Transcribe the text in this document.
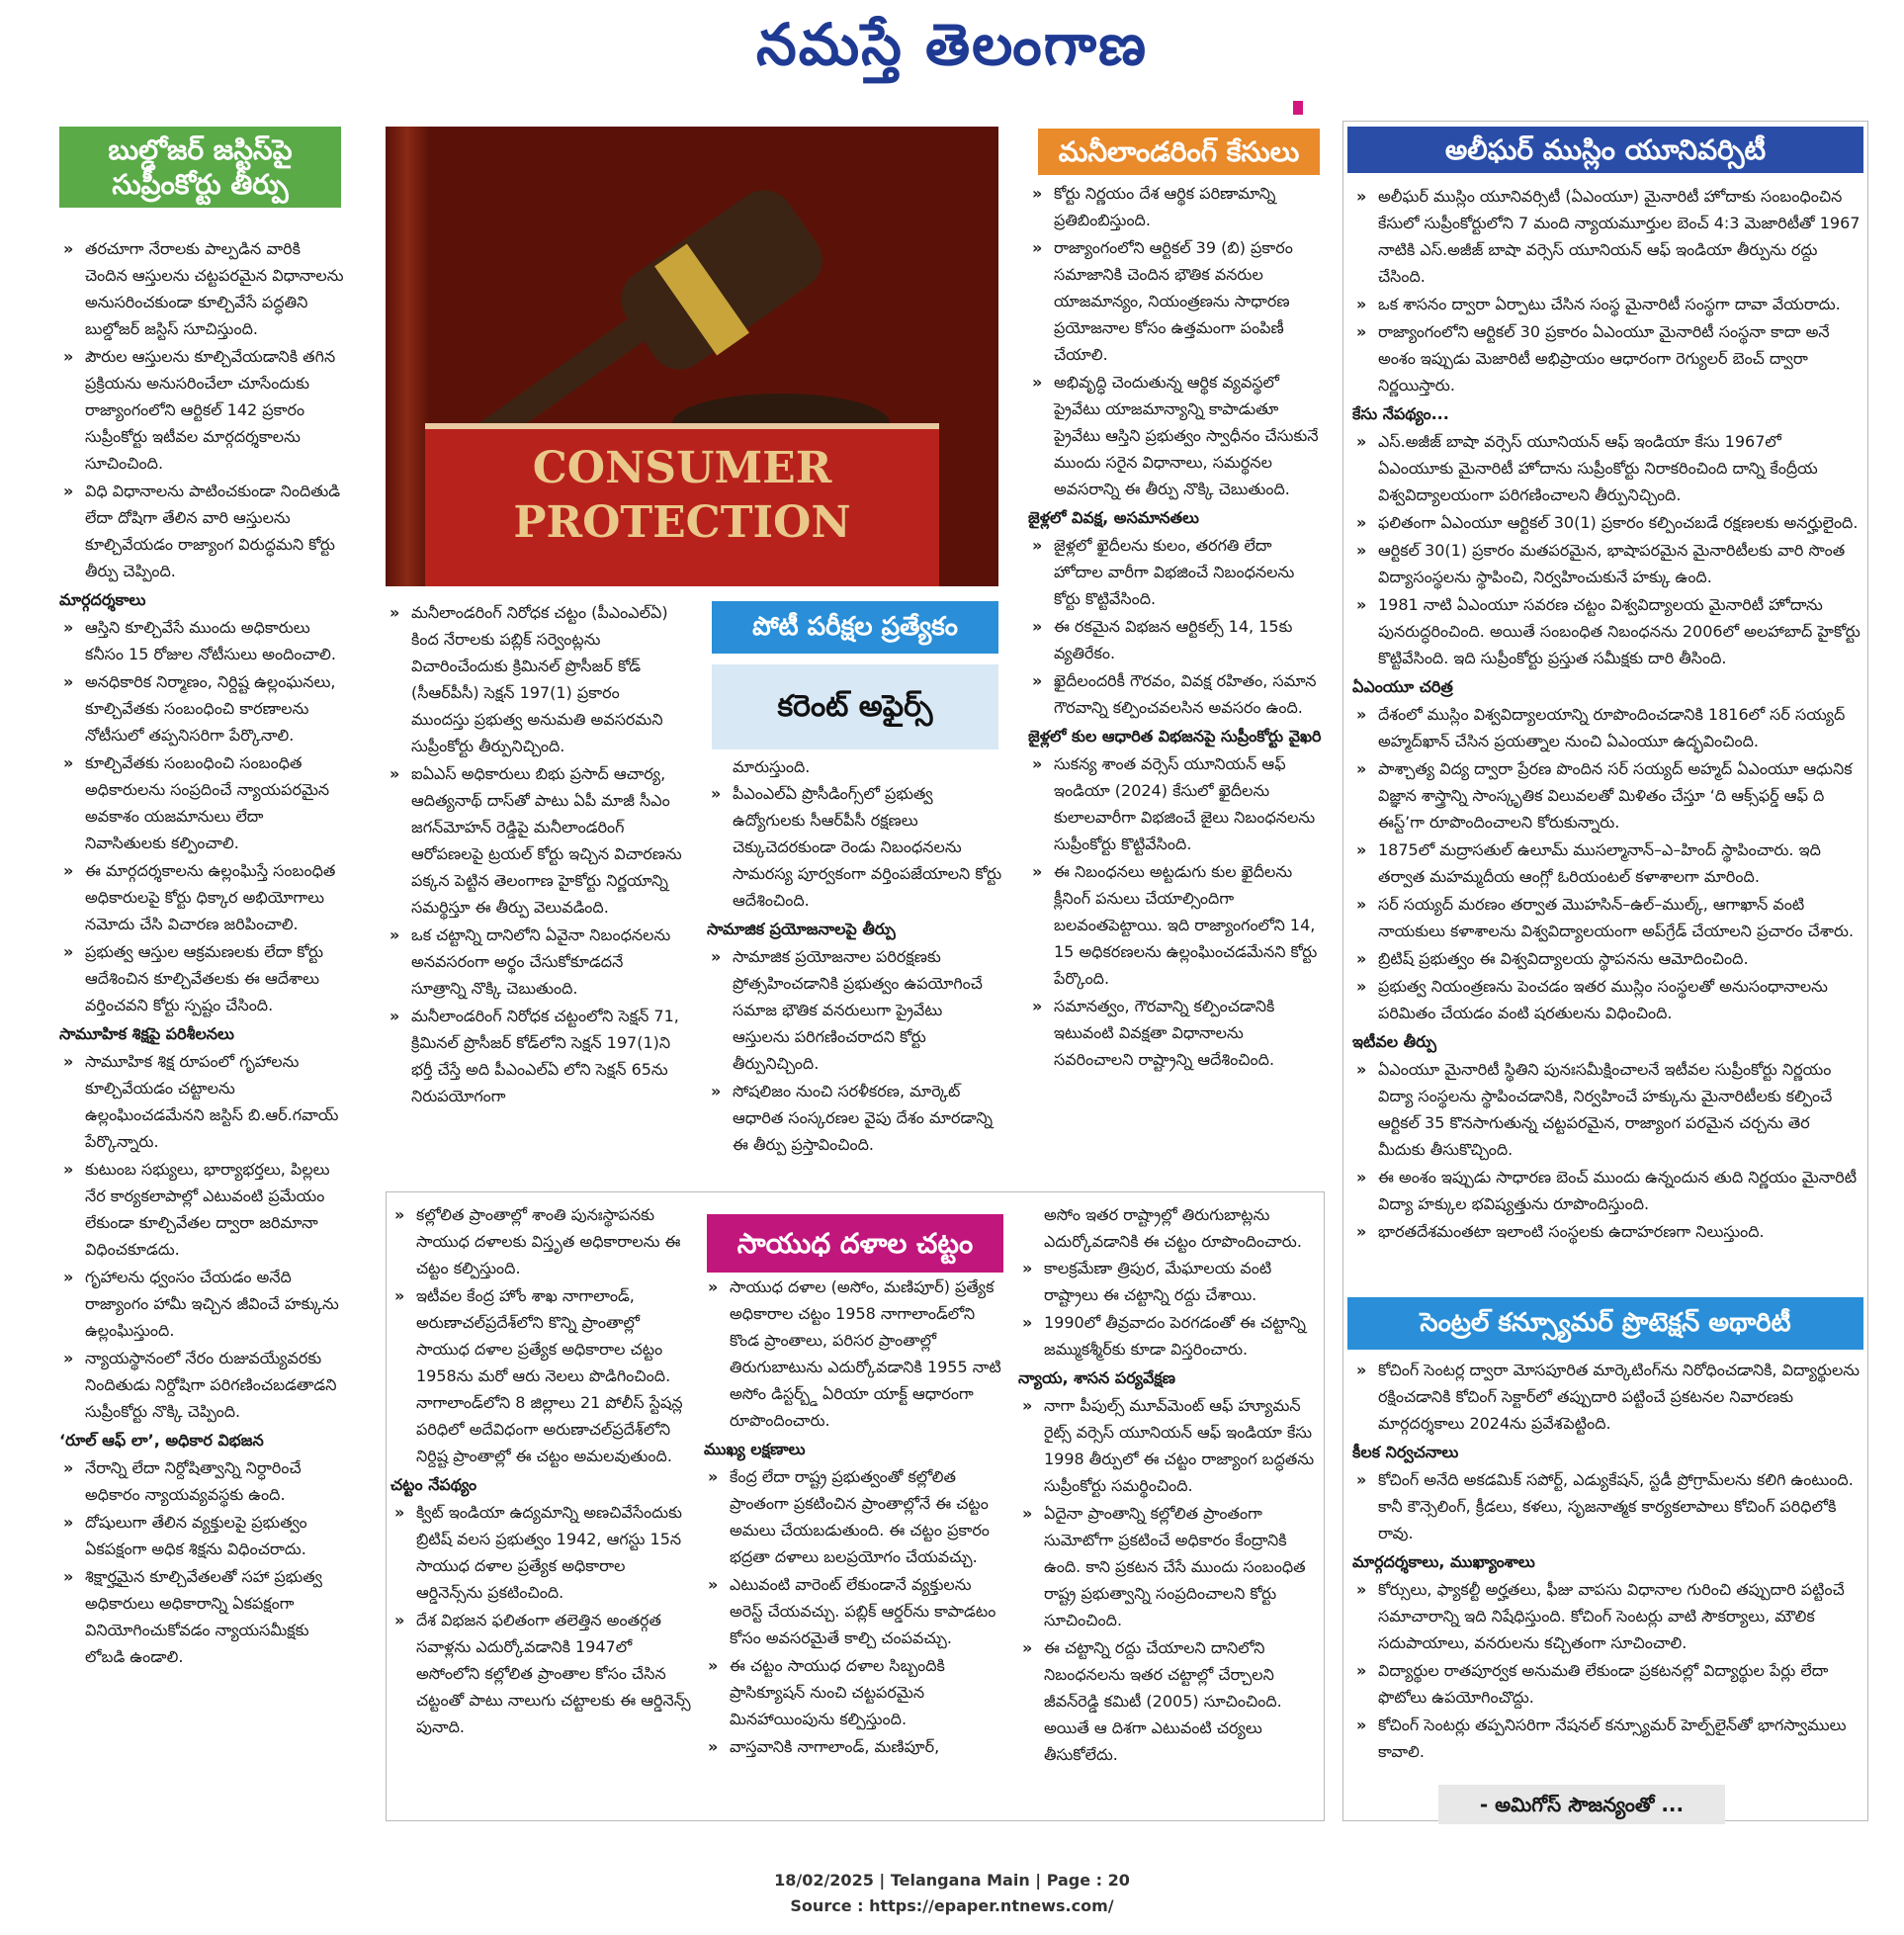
నమస్తే తెలంగాణ
బుల్డోజర్ జస్టిస్‌పై సుప్రీంకోర్టు తీర్పు
» తరచూగా నేరాలకు పాల్పడిన వారికి చెందిన ఆస్తులను చట్టపరమైన విధానాలను అనుసరించకుండా కూల్చివేసే పద్ధతిని బుల్డోజర్ జస్టిస్ సూచిస్తుంది.
» పౌరుల ఆస్తులను కూల్చివేయడానికి తగిన ప్రక్రియను అనుసరించేలా చూసేందుకు రాజ్యాంగంలోని ఆర్టికల్ 142 ప్రకారం సుప్రీంకోర్టు ఇటీవల మార్గదర్శకాలను సూచించింది.
» విధి విధానాలను పాటించకుండా నిందితుడి లేదా దోషిగా తేలిన వారి ఆస్తులను కూల్చివేయడం రాజ్యాంగ విరుద్ధమని కోర్టు తీర్పు చెప్పింది.
మార్గదర్శకాలు
» ఆస్తిని కూల్చివేసే ముందు అధికారులు కనీసం 15 రోజుల నోటీసులు అందించాలి.
» అనధికారిక నిర్మాణం, నిర్దిష్ట ఉల్లంఘనలు, కూల్చివేతకు సంబంధించి కారణాలను నోటీసులో తప్పనిసరిగా పేర్కొనాలి.
» కూల్చివేతకు సంబంధించి సంబంధిత అధికారులను సంప్రదించే న్యాయపరమైన అవకాశం యజమానులు లేదా నివాసితులకు కల్పించాలి.
» ఈ మార్గదర్శకాలను ఉల్లంఘిస్తే సంబంధిత అధికారులపై కోర్టు ధిక్కార అభియోగాలు నమోదు చేసి విచారణ జరిపించాలి.
» ప్రభుత్వ ఆస్తుల ఆక్రమణలకు లేదా కోర్టు ఆదేశించిన కూల్చివేతలకు ఈ ఆదేశాలు వర్తించవని కోర్టు స్పష్టం చేసింది.
సామూహిక శిక్షపై పరిశీలనలు
» సామూహిక శిక్ష రూపంలో గృహాలను కూల్చివేయడం చట్టాలను ఉల్లంఘించడమేనని జస్టిస్ బి.ఆర్.గవాయ్ పేర్కొన్నారు.
» కుటుంబ సభ్యులు, భార్యాభర్తలు, పిల్లలు నేర కార్యకలాపాల్లో ఎటువంటి ప్రమేయం లేకుండా కూల్చివేతల ద్వారా జరిమానా విధించకూడదు.
» గృహాలను ధ్వంసం చేయడం అనేది రాజ్యాంగం హామీ ఇచ్చిన జీవించే హక్కును ఉల్లంఘిస్తుంది.
» న్యాయస్థానంలో నేరం రుజువయ్యేవరకు నిందితుడు నిర్దోషిగా పరిగణించబడతాడని సుప్రీంకోర్టు నొక్కి చెప్పింది.
‘రూల్ ఆఫ్ లా’, అధికార విభజన
» నేరాన్ని లేదా నిర్దోషిత్వాన్ని నిర్ధారించే అధికారం న్యాయవ్యవస్థకు ఉంది.
» దోషులుగా తేలిన వ్యక్తులపై ప్రభుత్వం ఏకపక్షంగా అధిక శిక్షను విధించరాదు.
» శిక్షార్హమైన కూల్చివేతలతో సహా ప్రభుత్వ అధికారులు అధికారాన్ని ఏకపక్షంగా వినియోగించుకోవడం న్యాయసమీక్షకు లోబడి ఉండాలి.
CONSUMER
PROTECTION
» మనీలాండరింగ్ నిరోధక చట్టం (పీఎంఎల్‌ఏ) కింద నేరాలకు పబ్లిక్ సర్వెంట్లను విచారించేందుకు క్రిమినల్ ప్రొసీజర్ కోడ్ (సీఆర్‌పీసీ) సెక్షన్ 197(1) ప్రకారం ముందస్తు ప్రభుత్వ అనుమతి అవసరమని సుప్రీంకోర్టు తీర్పునిచ్చింది.
» ఐఏఎస్ అధికారులు బిభు ప్రసాద్ ఆచార్య, ఆదిత్యనాథ్ దాస్‌తో పాటు ఏపీ మాజీ సీఎం జగన్‌మోహన్ రెడ్డిపై మనీలాండరింగ్ ఆరోపణలపై ట్రయల్ కోర్టు ఇచ్చిన విచారణను పక్కన పెట్టిన తెలంగాణ హైకోర్టు నిర్ణయాన్ని సమర్థిస్తూ ఈ తీర్పు వెలువడింది.
» ఒక చట్టాన్ని దానిలోని ఏవైనా నిబంధనలను అనవసరంగా అర్థం చేసుకోకూడదనే సూత్రాన్ని నొక్కి చెబుతుంది.
» మనీలాండరింగ్ నిరోధక చట్టంలోని సెక్షన్ 71, క్రిమినల్ ప్రొసీజర్ కోడ్‌లోని సెక్షన్ 197(1)ని భర్తీ చేస్తే అది పీఎంఎల్‌ఏ లోని సెక్షన్ 65ను నిరుపయోగంగా
పోటీ పరీక్షల ప్రత్యేకం
కరెంట్ అఫైర్స్
మారుస్తుంది.
» పీఎంఎల్‌ఏ ప్రొసీడింగ్స్‌లో ప్రభుత్వ ఉద్యోగులకు సీఆర్‌పీసీ రక్షణలు చెక్కుచెదరకుండా రెండు నిబంధనలను సామరస్య పూర్వకంగా వర్తింపజేయాలని కోర్టు ఆదేశించింది.
సామాజిక ప్రయోజనాలపై తీర్పు
» సామాజిక ప్రయోజనాల పరిరక్షణకు ప్రోత్సహించడానికి ప్రభుత్వం ఉపయోగించే సమాజ భౌతిక వనరులుగా ప్రైవేటు ఆస్తులను పరిగణించరాదని కోర్టు తీర్పునిచ్చింది.
» సోషలిజం నుంచి సరళీకరణ, మార్కెట్ ఆధారిత సంస్కరణల వైపు దేశం మారడాన్ని ఈ తీర్పు ప్రస్తావించింది.
మనీలాండరింగ్ కేసులు
» కోర్టు నిర్ణయం దేశ ఆర్థిక పరిణామాన్ని ప్రతిబింబిస్తుంది.
» రాజ్యాంగంలోని ఆర్టికల్ 39 (బి) ప్రకారం సమాజానికి చెందిన భౌతిక వనరుల యాజమాన్యం, నియంత్రణను సాధారణ ప్రయోజనాల కోసం ఉత్తమంగా పంపిణీ చేయాలి.
» అభివృద్ధి చెందుతున్న ఆర్థిక వ్యవస్థలో ప్రైవేటు యాజమాన్యాన్ని కాపాడుతూ ప్రైవేటు ఆస్తిని ప్రభుత్వం స్వాధీనం చేసుకునే ముందు సరైన విధానాలు, సమర్థనల అవసరాన్ని ఈ తీర్పు నొక్కి చెబుతుంది.
జైళ్లలో వివక్ష, అసమానతలు
» జైళ్లలో ఖైదీలను కులం, తరగతి లేదా హోదాల వారీగా విభజించే నిబంధనలను కోర్టు కొట్టివేసింది.
» ఈ రకమైన విభజన ఆర్టికల్స్ 14, 15కు వ్యతిరేకం.
» ఖైదీలందరికీ గౌరవం, వివక్ష రహితం, సమాన గౌరవాన్ని కల్పించవలసిన అవసరం ఉంది.
జైళ్లలో కుల ఆధారిత విభజనపై సుప్రీంకోర్టు వైఖరి
» సుకన్య శాంత వర్సెస్ యూనియన్ ఆఫ్ ఇండియా (2024) కేసులో ఖైదీలను కులాలవారీగా విభజించే జైలు నిబంధనలను సుప్రీంకోర్టు కొట్టివేసింది.
» ఈ నిబంధనలు అట్టడుగు కుల ఖైదీలను క్లీనింగ్ పనులు చేయాల్సిందిగా బలవంతపెట్టాయి. ఇది రాజ్యాంగంలోని 14, 15 అధికరణలను ఉల్లంఘించడమేనని కోర్టు పేర్కొంది.
» సమానత్వం, గౌరవాన్ని కల్పించడానికి ఇటువంటి వివక్షతా విధానాలను సవరించాలని రాష్ట్రాన్ని ఆదేశించింది.
అలీఘర్ ముస్లిం యూనివర్సిటీ
» అలీఘర్ ముస్లిం యూనివర్సిటీ (ఏఎంయూ) మైనారిటీ హోదాకు సంబంధించిన కేసులో సుప్రీంకోర్టులోని 7 మంది న్యాయమూర్తుల బెంచ్ 4:3 మెజారిటీతో 1967 నాటికి ఎస్.అజీజ్ బాషా వర్సెస్ యూనియన్ ఆఫ్ ఇండియా తీర్పును రద్దు చేసింది.
» ఒక శాసనం ద్వారా ఏర్పాటు చేసిన సంస్థ మైనారిటీ సంస్థగా దావా వేయరాదు.
» రాజ్యాంగంలోని ఆర్టికల్ 30 ప్రకారం ఏఎంయూ మైనారిటీ సంస్థనా కాదా అనే అంశం ఇప్పుడు మెజారిటీ అభిప్రాయం ఆధారంగా రెగ్యులర్ బెంచ్ ద్వారా నిర్ణయిస్తారు.
కేసు నేపథ్యం...
» ఎస్.అజీజ్ బాషా వర్సెస్ యూనియన్ ఆఫ్ ఇండియా కేసు 1967లో ఏఎంయూకు మైనారిటీ హోదాను సుప్రీంకోర్టు నిరాకరించింది దాన్ని కేంద్రీయ విశ్వవిద్యాలయంగా పరిగణించాలని తీర్పునిచ్చింది.
» ఫలితంగా ఏఎంయూ ఆర్టికల్ 30(1) ప్రకారం కల్పించబడే రక్షణలకు అనర్హులైంది.
» ఆర్టికల్ 30(1) ప్రకారం మతపరమైన, భాషాపరమైన మైనారిటీలకు వారి సొంత విద్యాసంస్థలను స్థాపించి, నిర్వహించుకునే హక్కు ఉంది.
» 1981 నాటి ఏఎంయూ సవరణ చట్టం విశ్వవిద్యాలయ మైనారిటీ హోదాను పునరుద్ధరించింది. అయితే సంబంధిత నిబంధనను 2006లో అలహాబాద్ హైకోర్టు కొట్టివేసింది. ఇది సుప్రీంకోర్టు ప్రస్తుత సమీక్షకు దారి తీసింది.
ఏఎంయూ చరిత్ర
» దేశంలో ముస్లిం విశ్వవిద్యాలయాన్ని రూపొందించడానికి 1816లో సర్ సయ్యద్ అహ్మద్‌ఖాన్ చేసిన ప్రయత్నాల నుంచి ఏఎంయూ ఉద్భవించింది.
» పాశ్చాత్య విద్య ద్వారా ప్రేరణ పొందిన సర్ సయ్యద్ అహ్మద్ ఏఎంయూ ఆధునిక విజ్ఞాన శాస్త్రాన్ని సాంస్కృతిక విలువలతో మిళితం చేస్తూ ‘ది ఆక్స్‌ఫర్డ్ ఆఫ్ ది ఈస్ట్’గా రూపొందించాలని కోరుకున్నారు.
» 1875లో మద్రాసతుల్ ఉలూమ్ ముసల్మానాన్–ఎ–హింద్ స్థాపించారు. ఇది తర్వాత మహమ్మదీయ ఆంగ్లో ఓరియంటల్ కళాశాలగా మారింది.
» సర్ సయ్యద్ మరణం తర్వాత మొహసిన్–ఉల్–ముల్క్, ఆగాఖాన్ వంటి నాయకులు కళాశాలను విశ్వవిద్యాలయంగా అప్‌గ్రేడ్ చేయాలని ప్రచారం చేశారు.
» బ్రిటిష్ ప్రభుత్వం ఈ విశ్వవిద్యాలయ స్థాపనను ఆమోదించింది.
» ప్రభుత్వ నియంత్రణను పెంచడం ఇతర ముస్లిం సంస్థలతో అనుసంధానాలను పరిమితం చేయడం వంటి షరతులను విధించింది.
ఇటీవల తీర్పు
» ఏఎంయూ మైనారిటీ స్థితిని పునఃసమీక్షించాలనే ఇటీవల సుప్రీంకోర్టు నిర్ణయం విద్యా సంస్థలను స్థాపించడానికి, నిర్వహించే హక్కును మైనారిటీలకు కల్పించే ఆర్టికల్ 35 కొనసాగుతున్న చట్టపరమైన, రాజ్యాంగ పరమైన చర్చను తెర మీదుకు తీసుకొచ్చింది.
» ఈ అంశం ఇప్పుడు సాధారణ బెంచ్ ముందు ఉన్నందున తుది నిర్ణయం మైనారిటీ విద్యా హక్కుల భవిష్యత్తును రూపొందిస్తుంది.
» భారతదేశమంతటా ఇలాంటి సంస్థలకు ఉదాహరణగా నిలుస్తుంది.
సెంట్రల్ కన్స్యూమర్ ప్రొటెక్షన్ అథారిటీ
» కోచింగ్ సెంటర్ల ద్వారా మోసపూరిత మార్కెటింగ్‌ను నిరోధించడానికి, విద్యార్థులను రక్షించడానికి కోచింగ్ సెక్టార్‌లో తప్పుదారి పట్టించే ప్రకటనల నివారణకు మార్గదర్శకాలు 2024ను ప్రవేశపెట్టింది.
కీలక నిర్వచనాలు
» కోచింగ్ అనేది అకడమిక్ సపోర్ట్, ఎడ్యుకేషన్, స్టడీ ప్రోగ్రామ్‌లను కలిగి ఉంటుంది. కానీ కౌన్సెలింగ్, క్రీడలు, కళలు, సృజనాత్మక కార్యకలాపాలు కోచింగ్ పరిధిలోకి రావు.
మార్గదర్శకాలు, ముఖ్యాంశాలు
» కోర్సులు, ఫ్యాకల్టీ అర్హతలు, ఫీజు వాపసు విధానాల గురించి తప్పుదారి పట్టించే సమాచారాన్ని ఇది నిషేధిస్తుంది. కోచింగ్ సెంటర్లు వాటి సౌకర్యాలు, మౌలిక సదుపాయాలు, వనరులను కచ్చితంగా సూచించాలి.
» విద్యార్థుల రాతపూర్వక అనుమతి లేకుండా ప్రకటనల్లో విద్యార్థుల పేర్లు లేదా ఫొటోలు ఉపయోగించొద్దు.
» కోచింగ్ సెంటర్లు తప్పనిసరిగా నేషనల్ కన్స్యూమర్ హెల్ప్‌లైన్‌తో భాగస్వాములు కావాలి.
- అమిగోస్ సౌజన్యంతో ...
సాయుధ దళాల చట్టం
» కల్లోలిత ప్రాంతాల్లో శాంతి పునఃస్థాపనకు సాయుధ దళాలకు విస్తృత అధికారాలను ఈ చట్టం కల్పిస్తుంది.
» ఇటీవల కేంద్ర హోం శాఖ నాగాలాండ్, అరుణాచల్‌ప్రదేశ్‌లోని కొన్ని ప్రాంతాల్లో సాయుధ దళాల ప్రత్యేక అధికారాల చట్టం 1958ను మరో ఆరు నెలలు పొడిగించింది. నాగాలాండ్‌లోని 8 జిల్లాలు 21 పోలీస్ స్టేషన్ల పరిధిలో అదేవిధంగా అరుణాచల్‌ప్రదేశ్‌లోని నిర్దిష్ట ప్రాంతాల్లో ఈ చట్టం అమలవుతుంది.
చట్టం నేపథ్యం
» క్విట్ ఇండియా ఉద్యమాన్ని అణచివేసేందుకు బ్రిటిష్ వలస ప్రభుత్వం 1942, ఆగస్టు 15న సాయుధ దళాల ప్రత్యేక అధికారాల ఆర్డినెన్స్‌ను ప్రకటించింది.
» దేశ విభజన ఫలితంగా తలెత్తిన అంతర్గత సవాళ్లను ఎదుర్కోవడానికి 1947లో అసోంలోని కల్లోలిత ప్రాంతాల కోసం చేసిన చట్టంతో పాటు నాలుగు చట్టాలకు ఈ ఆర్డినెన్స్ పునాది.
» సాయుధ దళాల (అసోం, మణిపూర్) ప్రత్యేక అధికారాల చట్టం 1958 నాగాలాండ్‌లోని కొండ ప్రాంతాలు, పరిసర ప్రాంతాల్లో తిరుగుబాటును ఎదుర్కోవడానికి 1955 నాటి అసోం డిస్టర్బ్డ్ ఏరియా యాక్ట్ ఆధారంగా రూపొందించారు.
ముఖ్య లక్షణాలు
» కేంద్ర లేదా రాష్ట్ర ప్రభుత్వంతో కల్లోలిత ప్రాంతంగా ప్రకటించిన ప్రాంతాల్లోనే ఈ చట్టం అమలు చేయబడుతుంది. ఈ చట్టం ప్రకారం భద్రతా దళాలు బలప్రయోగం చేయవచ్చు.
» ఎటువంటి వారెంట్ లేకుండానే వ్యక్తులను అరెస్ట్ చేయవచ్చు. పబ్లిక్ ఆర్డర్‌ను కాపాడటం కోసం అవసరమైతే కాల్చి చంపవచ్చు.
» ఈ చట్టం సాయుధ దళాల సిబ్బందికి ప్రాసిక్యూషన్ నుంచి చట్టపరమైన మినహాయింపును కల్పిస్తుంది.
» వాస్తవానికి నాగాలాండ్, మణిపూర్,
అసోం ఇతర రాష్ట్రాల్లో తిరుగుబాట్లను ఎదుర్కోవడానికి ఈ చట్టం రూపొందించారు.
» కాలక్రమేణా త్రిపుర, మేఘాలయ వంటి రాష్ట్రాలు ఈ చట్టాన్ని రద్దు చేశాయి.
» 1990లో తీవ్రవాదం పెరగడంతో ఈ చట్టాన్ని జమ్ముకశ్మీర్‌కు కూడా విస్తరించారు.
న్యాయ, శాసన పర్యవేక్షణ
» నాగా పీపుల్స్ మూవ్‌మెంట్ ఆఫ్ హ్యూమన్ రైట్స్ వర్సెస్ యూనియన్ ఆఫ్ ఇండియా కేసు 1998 తీర్పులో ఈ చట్టం రాజ్యాంగ బద్ధతను సుప్రీంకోర్టు సమర్థించింది.
» ఏదైనా ప్రాంతాన్ని కల్లోలిత ప్రాంతంగా సుమోటోగా ప్రకటించే అధికారం కేంద్రానికి ఉంది. కాని ప్రకటన చేసే ముందు సంబంధిత రాష్ట్ర ప్రభుత్వాన్ని సంప్రదించాలని కోర్టు సూచించింది.
» ఈ చట్టాన్ని రద్దు చేయాలని దానిలోని నిబంధనలను ఇతర చట్టాల్లో చేర్చాలని జీవన్‌రెడ్డి కమిటీ (2005) సూచించింది. అయితే ఆ దిశగా ఎటువంటి చర్యలు తీసుకోలేదు.
18/02/2025 | Telangana Main | Page : 20
Source : https://epaper.ntnews.com/
